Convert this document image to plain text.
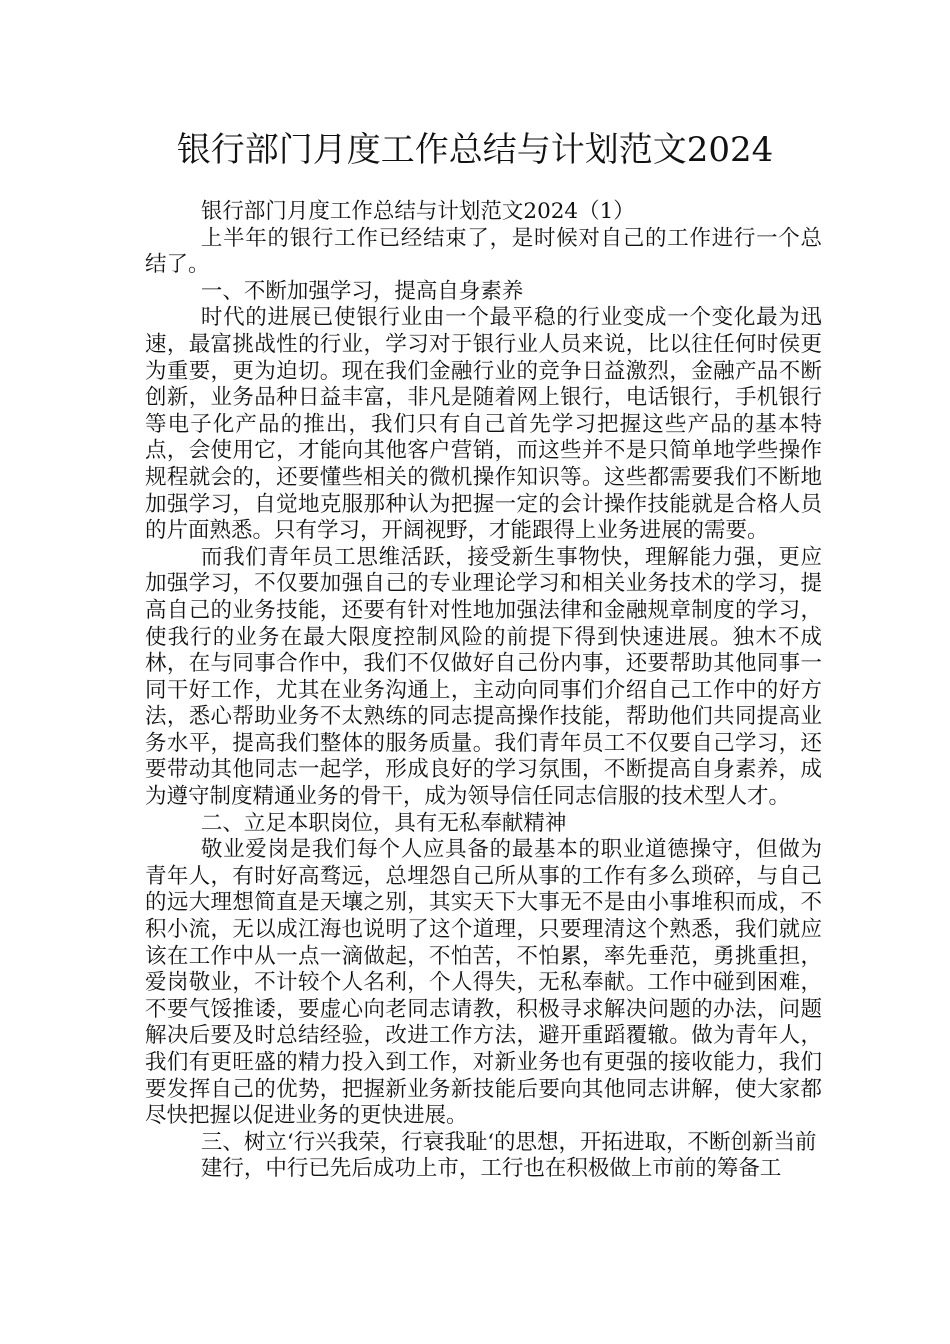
银行部门月度工作总结与计划范文2024

银行部门月度工作总结与计划范文2024（1）

上半年的银行工作已经结束了，是时候对自己的工作进行一个总结了。

一、不断加强学习，提高自身素养

时代的进展已使银行业由一个最平稳的行业变成一个变化最为迅速，最富挑战性的行业，学习对于银行业人员来说，比以往任何时侯更为重要，更为迫切。现在我们金融行业的竞争日益激烈，金融产品不断创新，业务品种日益丰富，非凡是随着网上银行，电话银行，手机银行等电子化产品的推出，我们只有自己首先学习把握这些产品的基本特点，会使用它，才能向其他客户营销，而这些并不是只简单地学些操作规程就会的，还要懂些相关的微机操作知识等。这些都需要我们不断地加强学习，自觉地克服那种认为把握一定的会计操作技能就是合格人员的片面熟悉。只有学习，开阔视野，才能跟得上业务进展的需要。

而我们青年员工思维活跃，接受新生事物快，理解能力强，更应加强学习，不仅要加强自己的专业理论学习和相关业务技术的学习，提高自己的业务技能，还要有针对性地加强法律和金融规章制度的学习，使我行的业务在最大限度控制风险的前提下得到快速进展。独木不成林，在与同事合作中，我们不仅做好自己份内事，还要帮助其他同事一同干好工作，尤其在业务沟通上，主动向同事们介绍自己工作中的好方法，悉心帮助业务不太熟练的同志提高操作技能，帮助他们共同提高业务水平，提高我们整体的服务质量。我们青年员工不仅要自己学习，还要带动其他同志一起学，形成良好的学习氛围，不断提高自身素养，成为遵守制度精通业务的骨干，成为领导信任同志信服的技术型人才。

二、立足本职岗位，具有无私奉献精神

敬业爱岗是我们每个人应具备的最基本的职业道德操守，但做为青年人，有时好高骛远，总埋怨自己所从事的工作有多么琐碎，与自己的远大理想简直是天壤之别，其实天下大事无不是由小事堆积而成，不积小流，无以成江海也说明了这个道理，只要理清这个熟悉，我们就应该在工作中从一点一滴做起，不怕苦，不怕累，率先垂范，勇挑重担，爱岗敬业，不计较个人名利，个人得失，无私奉献。工作中碰到困难，不要气馁推诿，要虚心向老同志请教，积极寻求解决问题的办法，问题解决后要及时总结经验，改进工作方法，避开重蹈覆辙。做为青年人，我们有更旺盛的精力投入到工作，对新业务也有更强的接收能力，我们要发挥自己的优势，把握新业务新技能后要向其他同志讲解，使大家都尽快把握以促进业务的更快进展。

三、树立‘行兴我荣，行衰我耻‘的思想，开拓进取，不断创新当前

建行，中行已先后成功上市，工行也在积极做上市前的筹备工
